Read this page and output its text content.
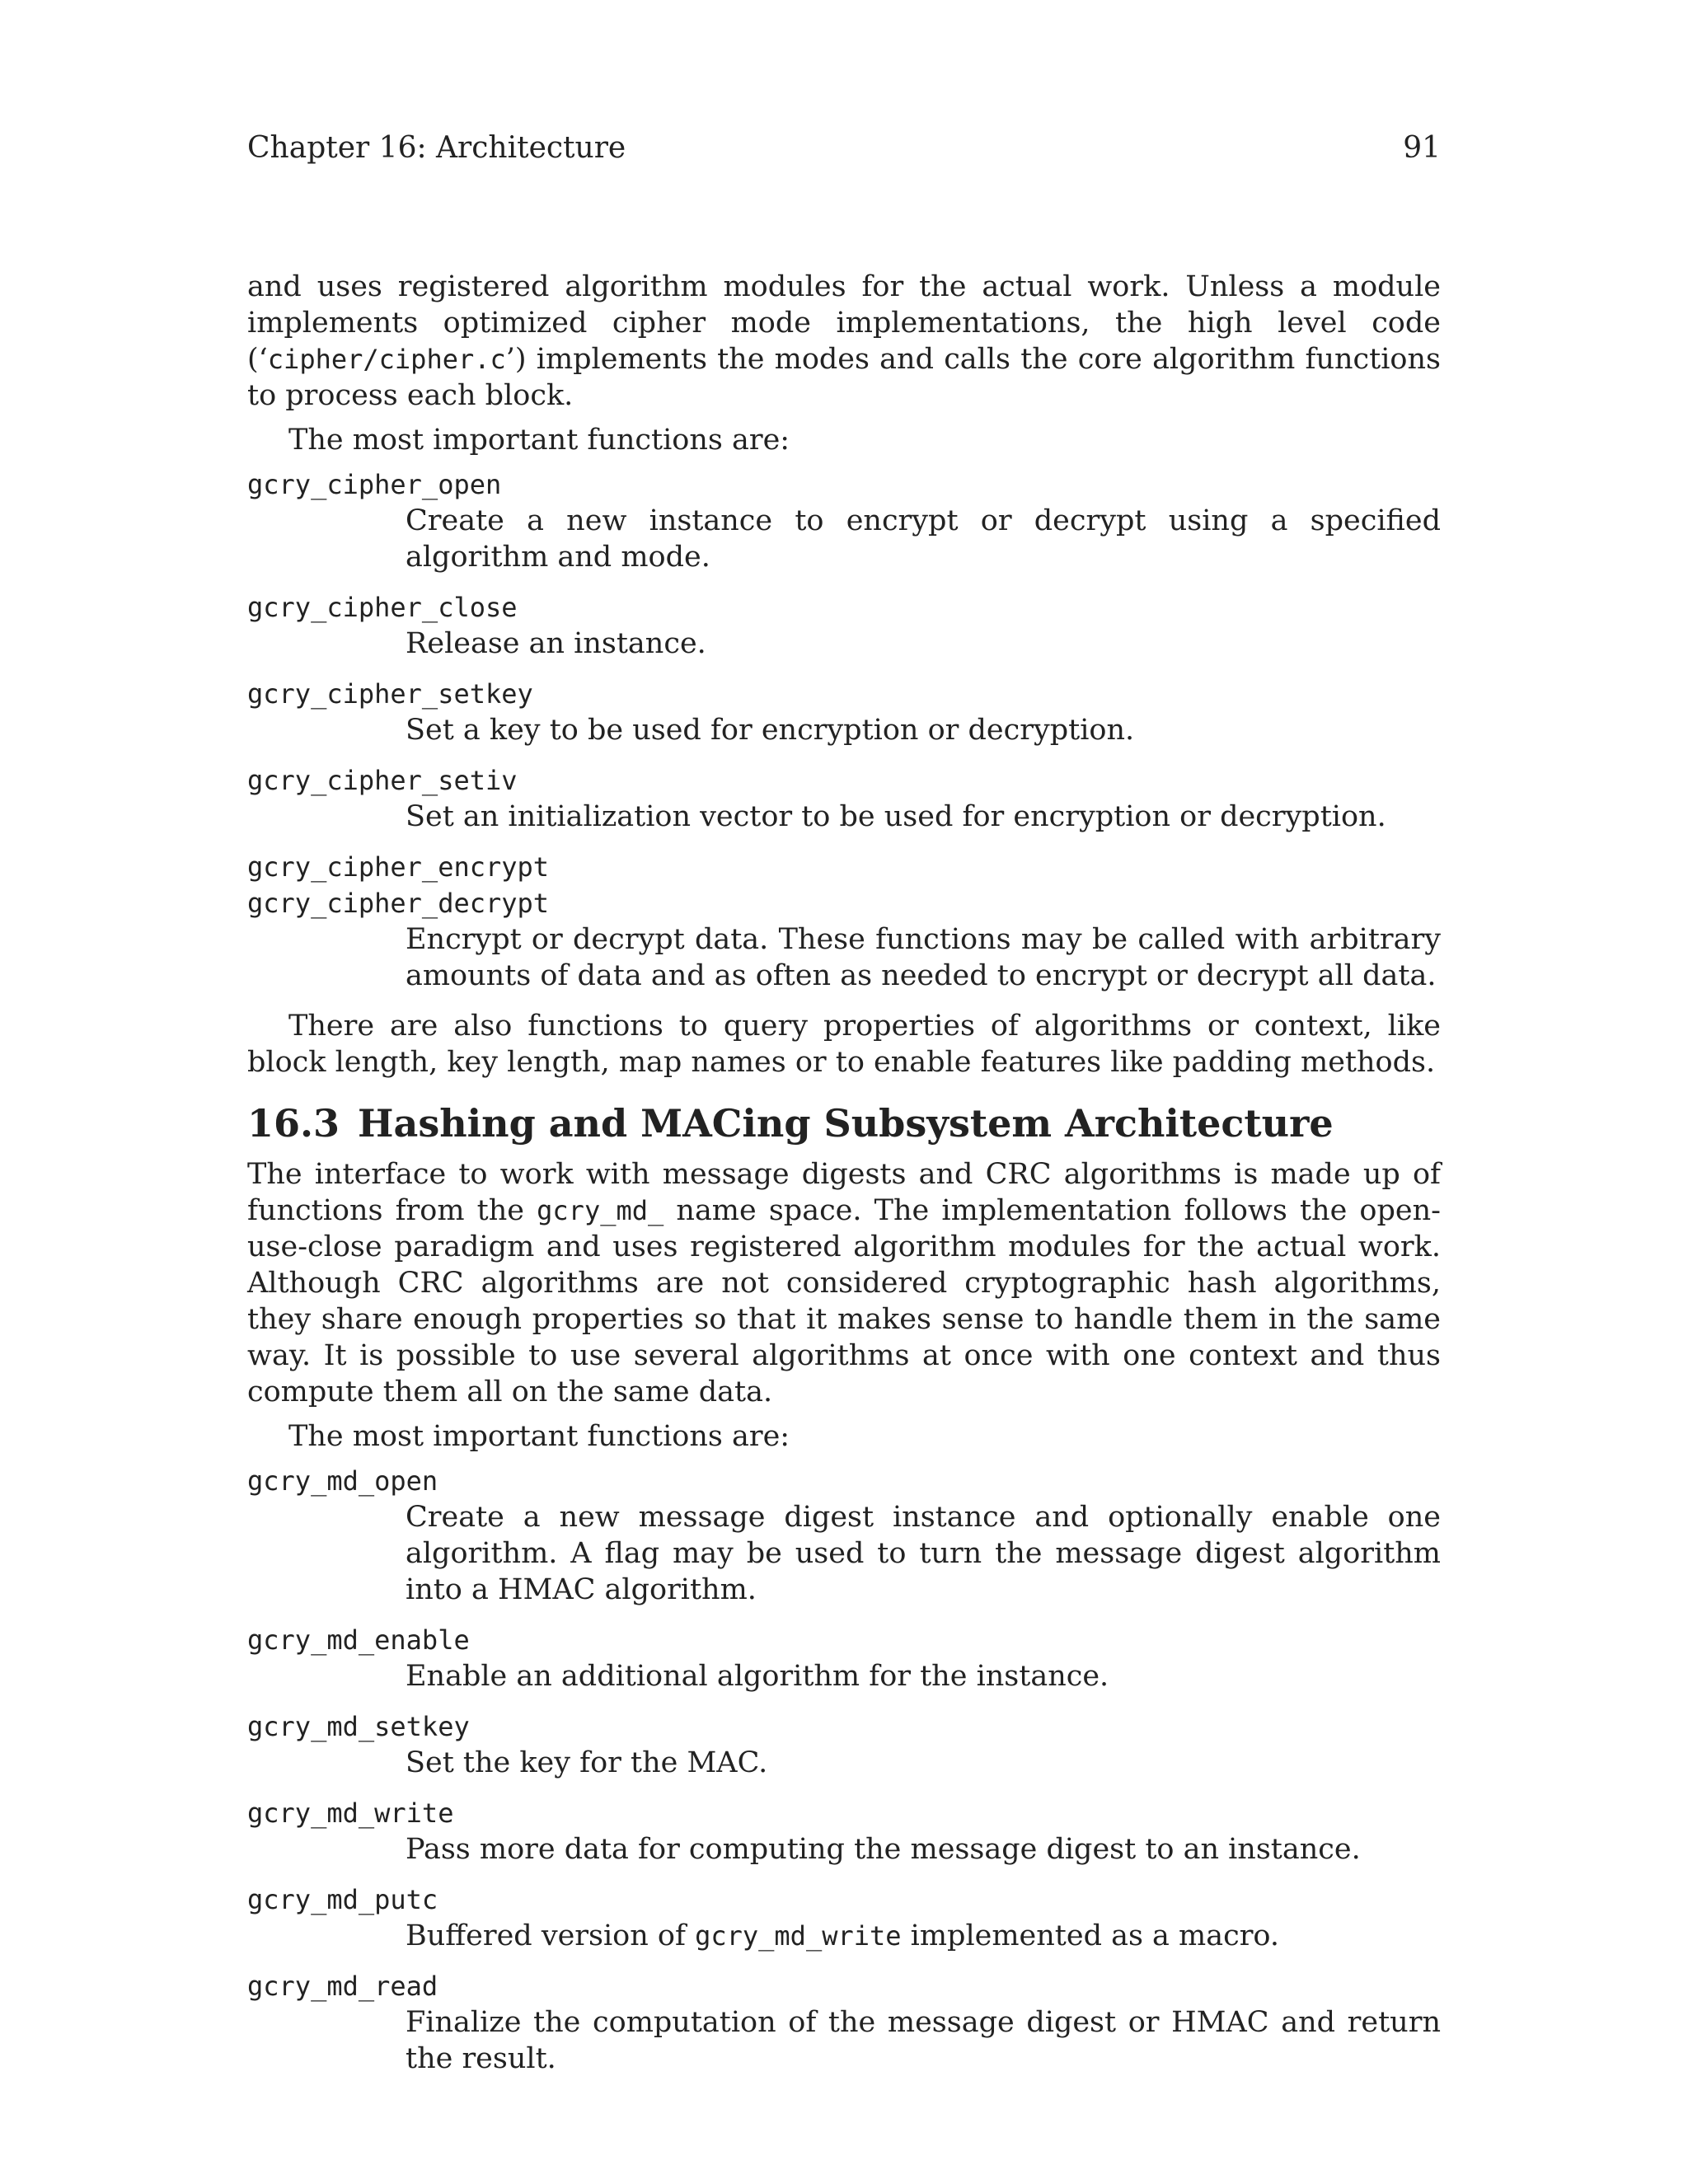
Chapter 16: Architecture	91

and uses registered algorithm modules for the actual work. Unless a module implements optimized cipher mode implementations, the high level code (‘cipher/cipher.c’) implements the modes and calls the core algorithm functions to process each block.

The most important functions are:

gcry_cipher_open
Create a new instance to encrypt or decrypt using a specified algorithm and mode.
gcry_cipher_close
Release an instance.
gcry_cipher_setkey
Set a key to be used for encryption or decryption.
gcry_cipher_setiv
Set an initialization vector to be used for encryption or decryption.
gcry_cipher_encrypt
gcry_cipher_decrypt
Encrypt or decrypt data. These functions may be called with arbitrary amounts of data and as often as needed to encrypt or decrypt all data.

There are also functions to query properties of algorithms or context, like block length, key length, map names or to enable features like padding methods.

16.3 Hashing and MACing Subsystem Architecture

The interface to work with message digests and CRC algorithms is made up of functions from the gcry_md_ name space. The implementation follows the open-use-close paradigm and uses registered algorithm modules for the actual work. Although CRC algorithms are not considered cryptographic hash algorithms, they share enough properties so that it makes sense to handle them in the same way. It is possible to use several algorithms at once with one context and thus compute them all on the same data.

The most important functions are:

gcry_md_open
Create a new message digest instance and optionally enable one algorithm. A flag may be used to turn the message digest algorithm into a HMAC algorithm.
gcry_md_enable
Enable an additional algorithm for the instance.
gcry_md_setkey
Set the key for the MAC.
gcry_md_write
Pass more data for computing the message digest to an instance.
gcry_md_putc
Buffered version of gcry_md_write implemented as a macro.
gcry_md_read
Finalize the computation of the message digest or HMAC and return the result.
